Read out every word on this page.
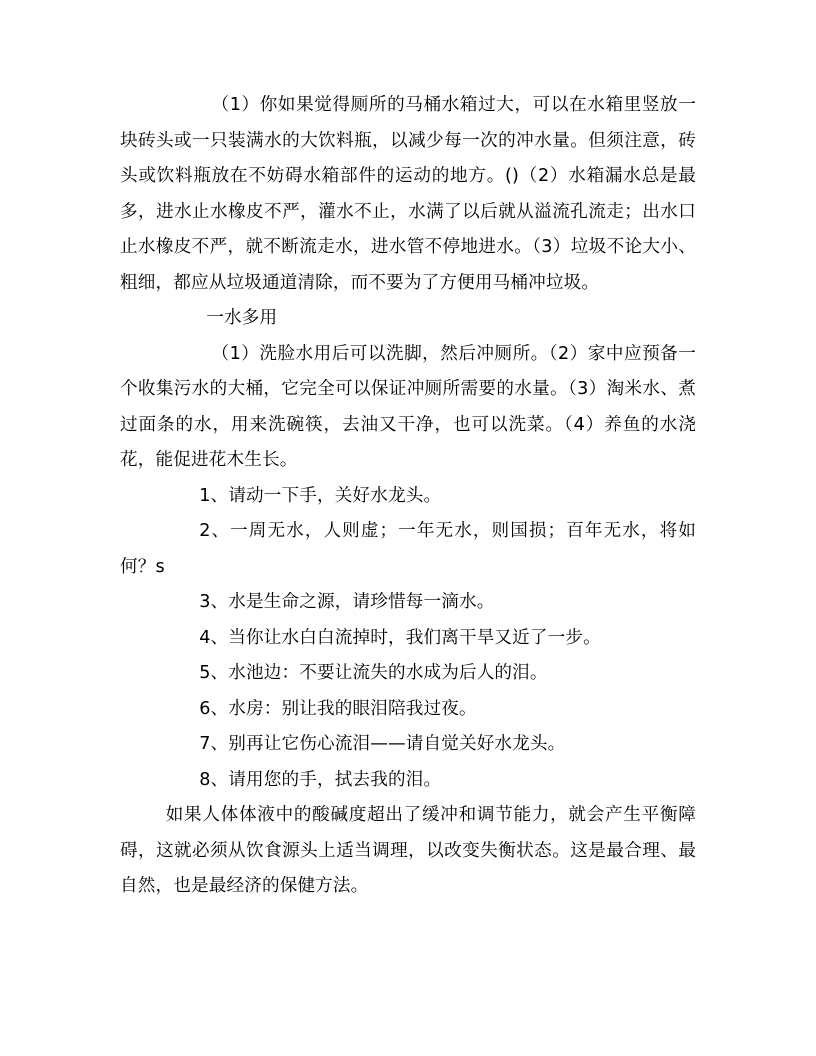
（1）你如果觉得厕所的马桶水箱过大，可以在水箱里竖放一块砖头或一只装满水的大饮料瓶，以减少每一次的冲水量。但须注意，砖头或饮料瓶放在不妨碍水箱部件的运动的地方。()（2）水箱漏水总是最多，进水止水橡皮不严，灌水不止，水满了以后就从溢流孔流走；出水口止水橡皮不严，就不断流走水，进水管不停地进水。（3）垃圾不论大小、粗细，都应从垃圾通道清除，而不要为了方便用马桶冲垃圾。

一水多用

（1）洗脸水用后可以洗脚，然后冲厕所。（2）家中应预备一个收集污水的大桶，它完全可以保证冲厕所需要的水量。（3）淘米水、煮过面条的水，用来洗碗筷，去油又干净，也可以洗菜。（4）养鱼的水浇花，能促进花木生长。

1、请动一下手，关好水龙头。

2、一周无水，人则虚；一年无水，则国损；百年无水，将如何？s

3、水是生命之源，请珍惜每一滴水。

4、当你让水白白流掉时，我们离干旱又近了一步。

5、水池边：不要让流失的水成为后人的泪。

6、水房：别让我的眼泪陪我过夜。

7、别再让它伤心流泪——请自觉关好水龙头。

8、请用您的手，拭去我的泪。

如果人体体液中的酸碱度超出了缓冲和调节能力，就会产生平衡障碍，这就必须从饮食源头上适当调理，以改变失衡状态。这是最合理、最自然，也是最经济的保健方法。
